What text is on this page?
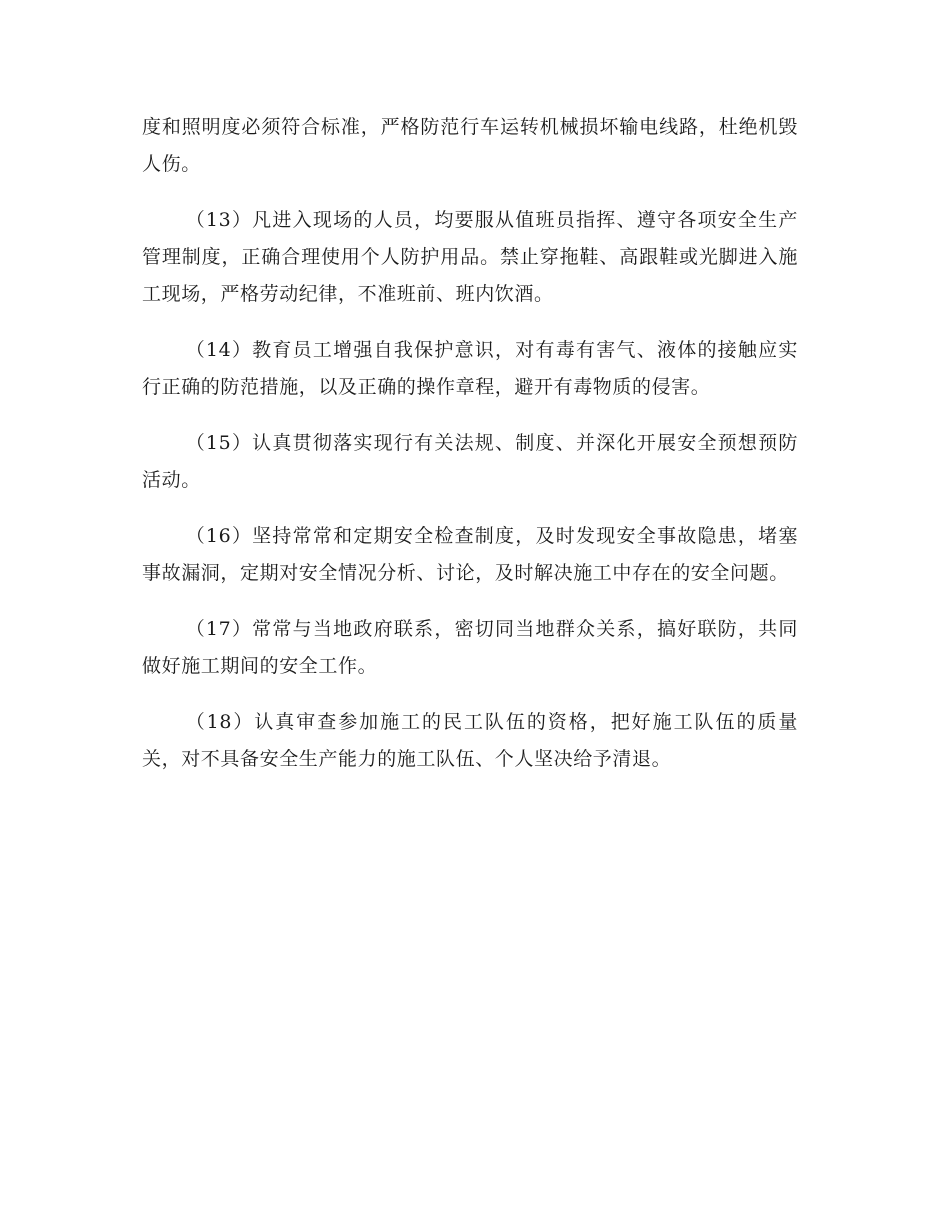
度和照明度必须符合标准，严格防范行车运转机械损坏输电线路，杜绝机毁人伤。

（13）凡进入现场的人员，均要服从值班员指挥、遵守各项安全生产管理制度，正确合理使用个人防护用品。禁止穿拖鞋、高跟鞋或光脚进入施工现场，严格劳动纪律，不准班前、班内饮酒。

（14）教育员工增强自我保护意识，对有毒有害气、液体的接触应实行正确的防范措施，以及正确的操作章程，避开有毒物质的侵害。

（15）认真贯彻落实现行有关法规、制度、并深化开展安全预想预防活动。

（16）坚持常常和定期安全检查制度，及时发现安全事故隐患，堵塞事故漏洞，定期对安全情况分析、讨论，及时解决施工中存在的安全问题。

（17）常常与当地政府联系，密切同当地群众关系，搞好联防，共同做好施工期间的安全工作。

（18）认真审查参加施工的民工队伍的资格，把好施工队伍的质量关，对不具备安全生产能力的施工队伍、个人坚决给予清退。
